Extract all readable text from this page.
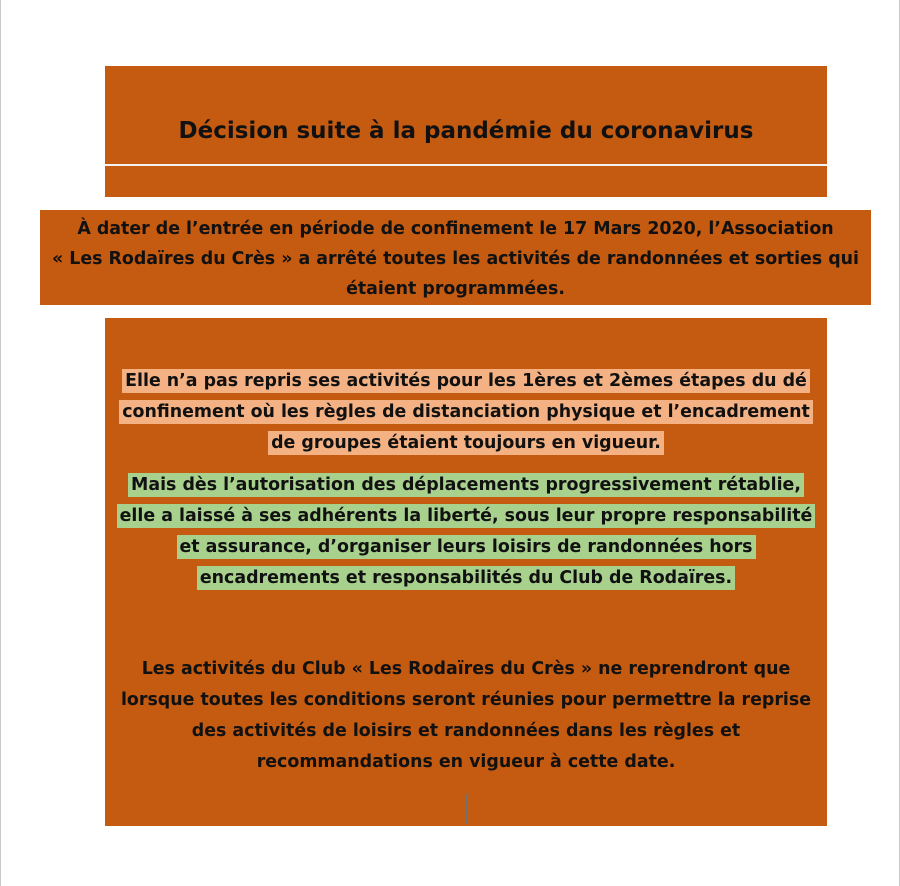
Décision suite à la pandémie du coronavirus
À dater de l’entrée en période de confinement le 17 Mars 2020, l’Association
« Les Rodaïres du Crès » a arrêté toutes les activités de randonnées et sorties qui
étaient programmées.
Elle n’a pas repris ses activités pour les 1ères et 2èmes étapes du dé
confinement où les règles de distanciation physique et l’encadrement
de groupes étaient toujours en vigueur.
Mais dès l’autorisation des déplacements progressivement rétablie,
elle a laissé à ses adhérents la liberté, sous leur propre responsabilité
et assurance, d’organiser leurs loisirs de randonnées hors
encadrements et responsabilités du Club de Rodaïres.
Les activités du Club « Les Rodaïres du Crès » ne reprendront que
lorsque toutes les conditions seront réunies pour permettre la reprise
des activités de loisirs et randonnées dans les règles et
recommandations en vigueur à cette date.
